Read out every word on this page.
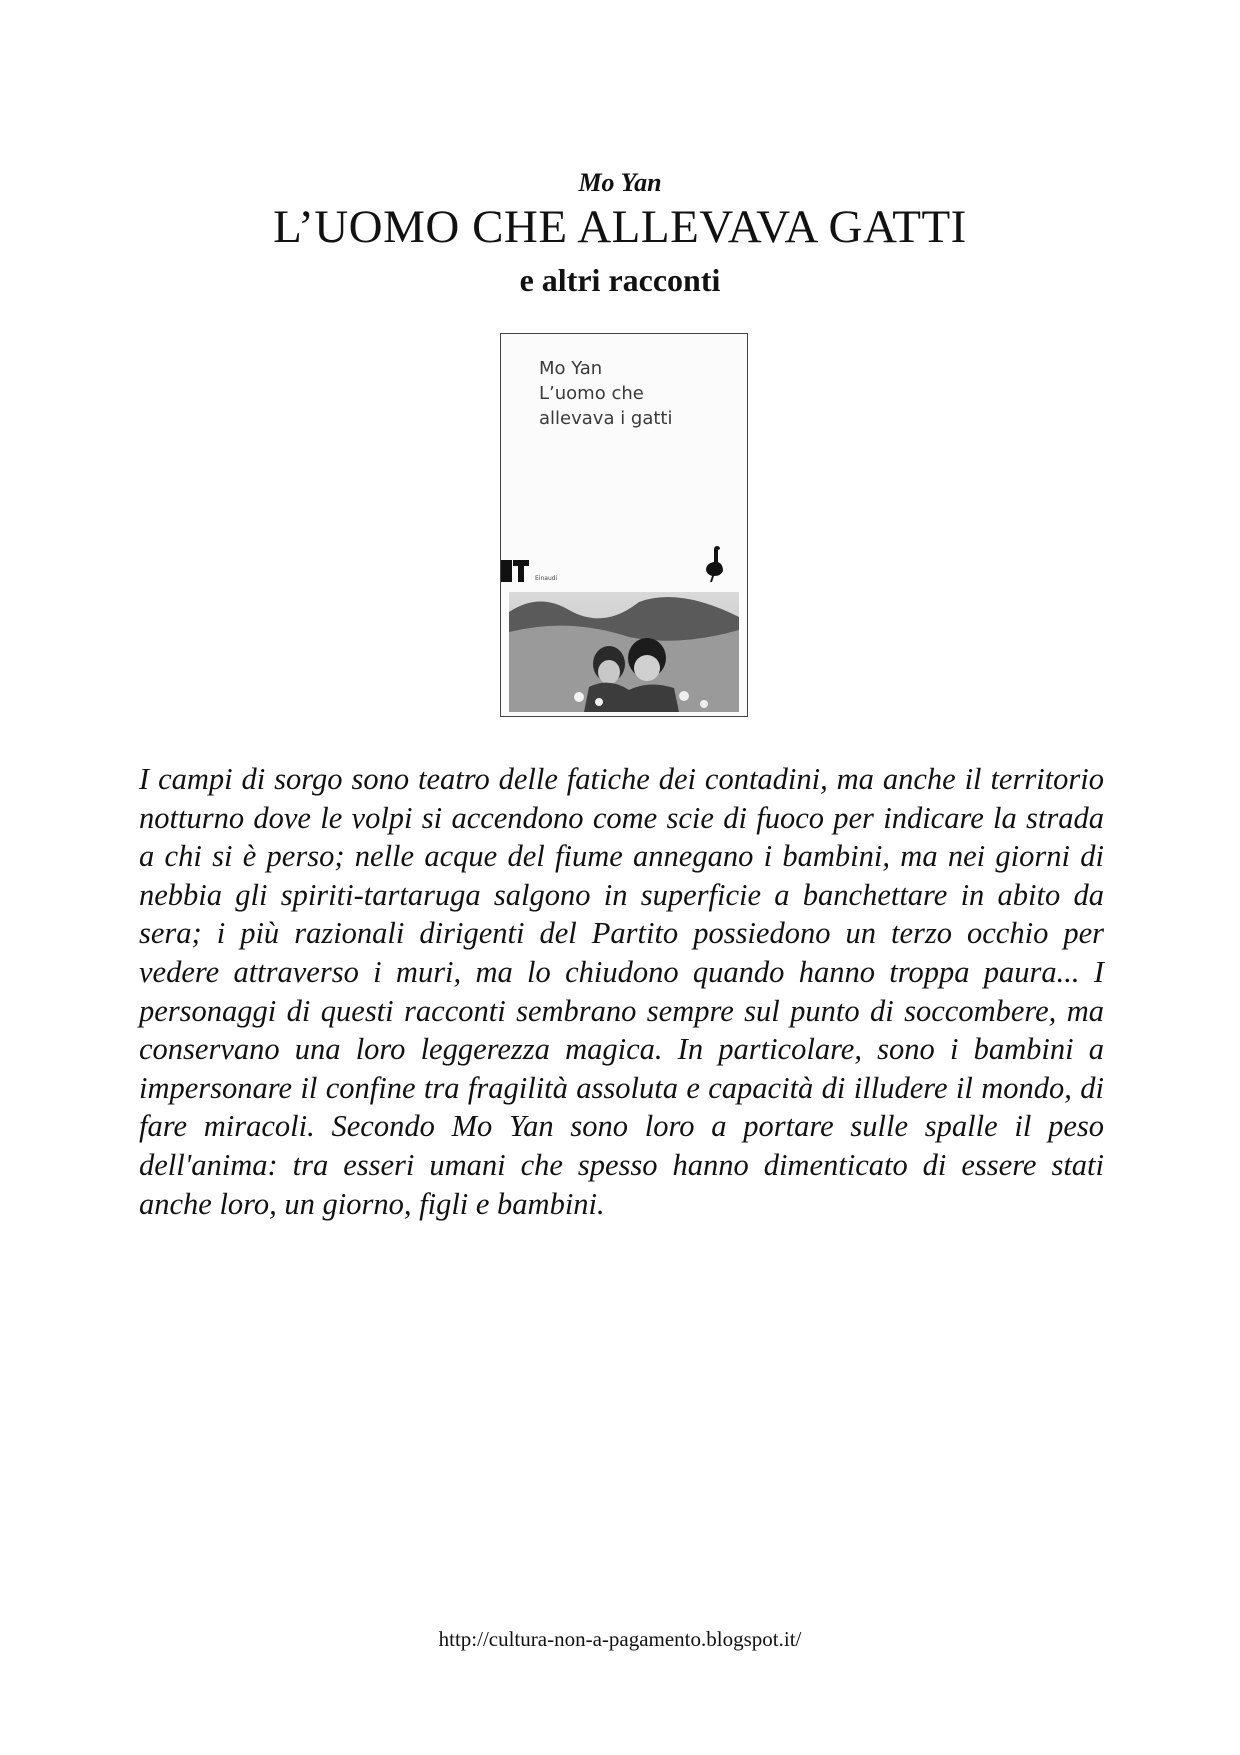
Mo Yan

L’UOMO CHE ALLEVAVA GATTI
e altri racconti
Mo Yan
L’uomo che
allevava i gatti
Einaudi

I campi di sorgo sono teatro delle fatiche dei contadini, ma anche il territorio notturno dove le volpi si accendono come scie di fuoco per indicare la strada a chi si è perso; nelle acque del fiume annegano i bambini, ma nei giorni di nebbia gli spiriti-tartaruga salgono in superficie a banchettare in abito da sera; i più razionali dirigenti del Partito possiedono un terzo occhio per vedere attraverso i muri, ma lo chiudono quando hanno troppa paura... I personaggi di questi racconti sembrano sempre sul punto di soccombere, ma conservano una loro leggerezza magica. In particolare, sono i bambini a impersonare il confine tra fragilità assoluta e capacità di illudere il mondo, di fare miracoli. Secondo Mo Yan sono loro a portare sulle spalle il peso dell'anima: tra esseri umani che spesso hanno dimenticato di essere stati anche loro, un giorno, figli e bambini.

http://cultura-non-a-pagamento.blogspot.it/
